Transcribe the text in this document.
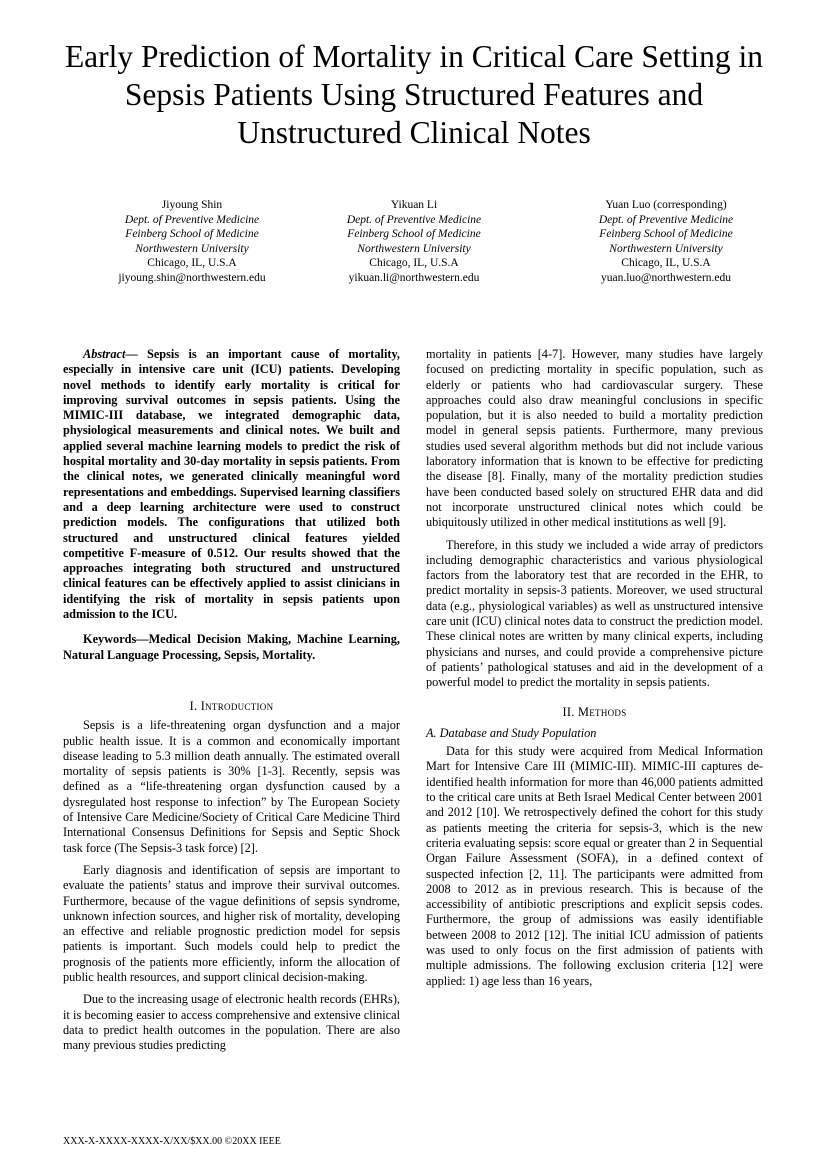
Early Prediction of Mortality in Critical Care Setting in Sepsis Patients Using Structured Features and Unstructured Clinical Notes
Jiyoung Shin
Dept. of Preventive Medicine
Feinberg School of Medicine
Northwestern University
Chicago, IL, U.S.A
jiyoung.shin@northwestern.edu
Yikuan Li
Dept. of Preventive Medicine
Feinberg School of Medicine
Northwestern University
Chicago, IL, U.S.A
yikuan.li@northwestern.edu
Yuan Luo (corresponding)
Dept. of Preventive Medicine
Feinberg School of Medicine
Northwestern University
Chicago, IL, U.S.A
yuan.luo@northwestern.edu

Abstract— Sepsis is an important cause of mortality, especially in intensive care unit (ICU) patients. Developing novel methods to identify early mortality is critical for improving survival outcomes in sepsis patients. Using the MIMIC-III database, we integrated demographic data, physiological measurements and clinical notes. We built and applied several machine learning models to predict the risk of hospital mortality and 30-day mortality in sepsis patients. From the clinical notes, we generated clinically meaningful word representations and embeddings. Supervised learning classifiers and a deep learning architecture were used to construct prediction models. The configurations that utilized both structured and unstructured clinical features yielded competitive F-measure of 0.512. Our results showed that the approaches integrating both structured and unstructured clinical features can be effectively applied to assist clinicians in identifying the risk of mortality in sepsis patients upon admission to the ICU.

Keywords—Medical Decision Making, Machine Learning, Natural Language Processing, Sepsis, Mortality.

I. Introduction

Sepsis is a life-threatening organ dysfunction and a major public health issue. It is a common and economically important disease leading to 5.3 million death annually. The estimated overall mortality of sepsis patients is 30% [1-3]. Recently, sepsis was defined as a “life-threatening organ dysfunction caused by a dysregulated host response to infection” by The European Society of Intensive Care Medicine/Society of Critical Care Medicine Third International Consensus Definitions for Sepsis and Septic Shock task force (The Sepsis-3 task force) [2].

Early diagnosis and identification of sepsis are important to evaluate the patients’ status and improve their survival outcomes. Furthermore, because of the vague definitions of sepsis syndrome, unknown infection sources, and higher risk of mortality, developing an effective and reliable prognostic prediction model for sepsis patients is important. Such models could help to predict the prognosis of the patients more efficiently, inform the allocation of public health resources, and support clinical decision-making.

Due to the increasing usage of electronic health records (EHRs), it is becoming easier to access comprehensive and extensive clinical data to predict health outcomes in the population. There are also many previous studies predicting

mortality in patients [4-7]. However, many studies have largely focused on predicting mortality in specific population, such as elderly or patients who had cardiovascular surgery. These approaches could also draw meaningful conclusions in specific population, but it is also needed to build a mortality prediction model in general sepsis patients. Furthermore, many previous studies used several algorithm methods but did not include various laboratory information that is known to be effective for predicting the disease [8]. Finally, many of the mortality prediction studies have been conducted based solely on structured EHR data and did not incorporate unstructured clinical notes which could be ubiquitously utilized in other medical institutions as well [9].

Therefore, in this study we included a wide array of predictors including demographic characteristics and various physiological factors from the laboratory test that are recorded in the EHR, to predict mortality in sepsis-3 patients. Moreover, we used structural data (e.g., physiological variables) as well as unstructured intensive care unit (ICU) clinical notes data to construct the prediction model. These clinical notes are written by many clinical experts, including physicians and nurses, and could provide a comprehensive picture of patients’ pathological statuses and aid in the development of a powerful model to predict the mortality in sepsis patients.

II. Methods

A. Database and Study Population

Data for this study were acquired from Medical Information Mart for Intensive Care III (MIMIC-III). MIMIC-III captures de-identified health information for more than 46,000 patients admitted to the critical care units at Beth Israel Medical Center between 2001 and 2012 [10]. We retrospectively defined the cohort for this study as patients meeting the criteria for sepsis-3, which is the new criteria evaluating sepsis: score equal or greater than 2 in Sequential Organ Failure Assessment (SOFA), in a defined context of suspected infection [2, 11]. The participants were admitted from 2008 to 2012 as in previous research. This is because of the accessibility of antibiotic prescriptions and explicit sepsis codes. Furthermore, the group of admissions was easily identifiable between 2008 to 2012 [12]. The initial ICU admission of patients was used to only focus on the first admission of patients with multiple admissions. The following exclusion criteria [12] were applied: 1) age less than 16 years,

XXX-X-XXXX-XXXX-X/XX/$XX.00 ©20XX IEEE
